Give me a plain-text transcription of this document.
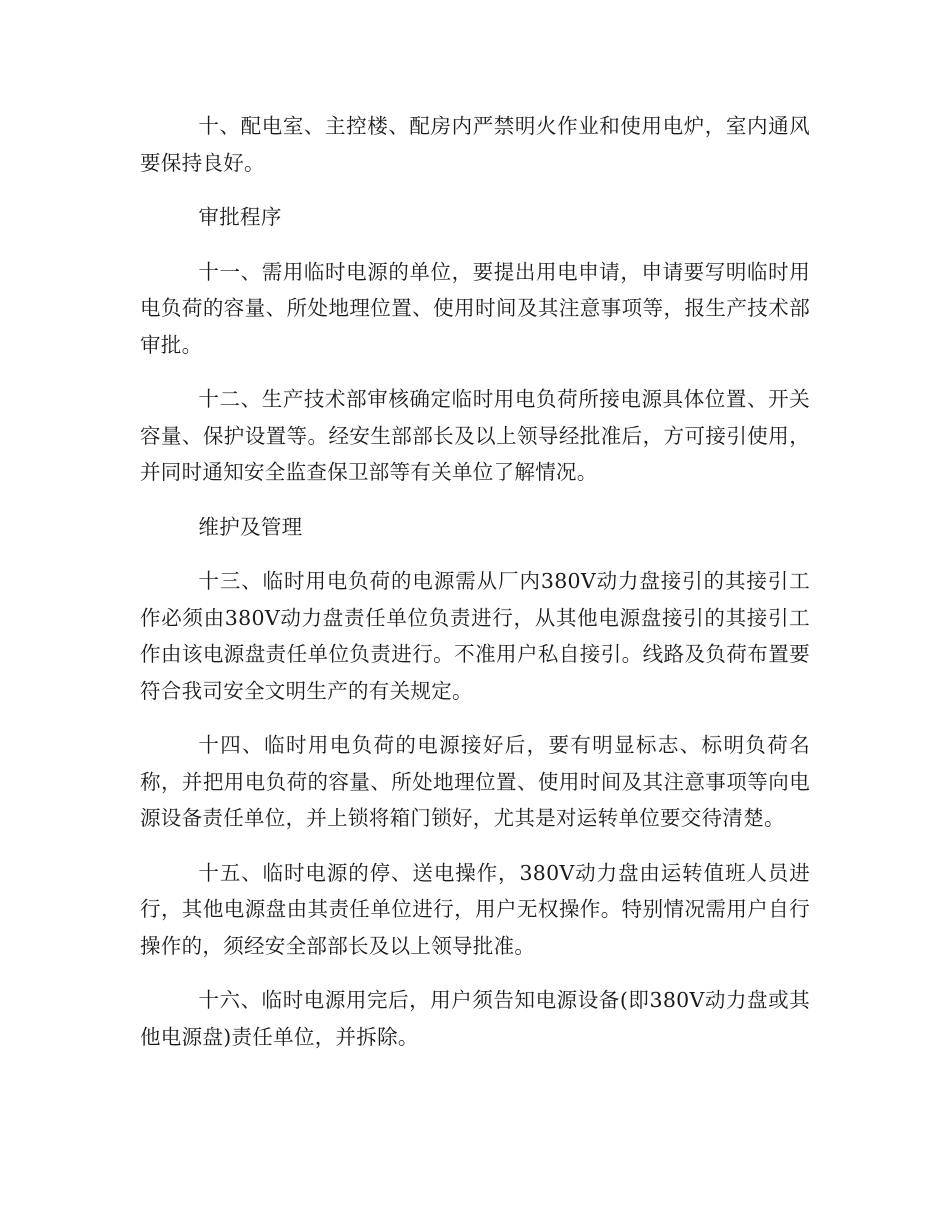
十、配电室、主控楼、配房内严禁明火作业和使用电炉，室内通风要保持良好。

审批程序

十一、需用临时电源的单位，要提出用电申请，申请要写明临时用电负荷的容量、所处地理位置、使用时间及其注意事项等，报生产技术部审批。

十二、生产技术部审核确定临时用电负荷所接电源具体位置、开关容量、保护设置等。经安生部部长及以上领导经批准后，方可接引使用，并同时通知安全监查保卫部等有关单位了解情况。

维护及管理

十三、临时用电负荷的电源需从厂内380V动力盘接引的其接引工作必须由380V动力盘责任单位负责进行，从其他电源盘接引的其接引工作由该电源盘责任单位负责进行。不准用户私自接引。线路及负荷布置要符合我司安全文明生产的有关规定。

十四、临时用电负荷的电源接好后，要有明显标志、标明负荷名称，并把用电负荷的容量、所处地理位置、使用时间及其注意事项等向电源设备责任单位，并上锁将箱门锁好，尤其是对运转单位要交待清楚。

十五、临时电源的停、送电操作，380V动力盘由运转值班人员进行，其他电源盘由其责任单位进行，用户无权操作。特别情况需用户自行操作的，须经安全部部长及以上领导批准。

十六、临时电源用完后，用户须告知电源设备(即380V动力盘或其他电源盘)责任单位，并拆除。
